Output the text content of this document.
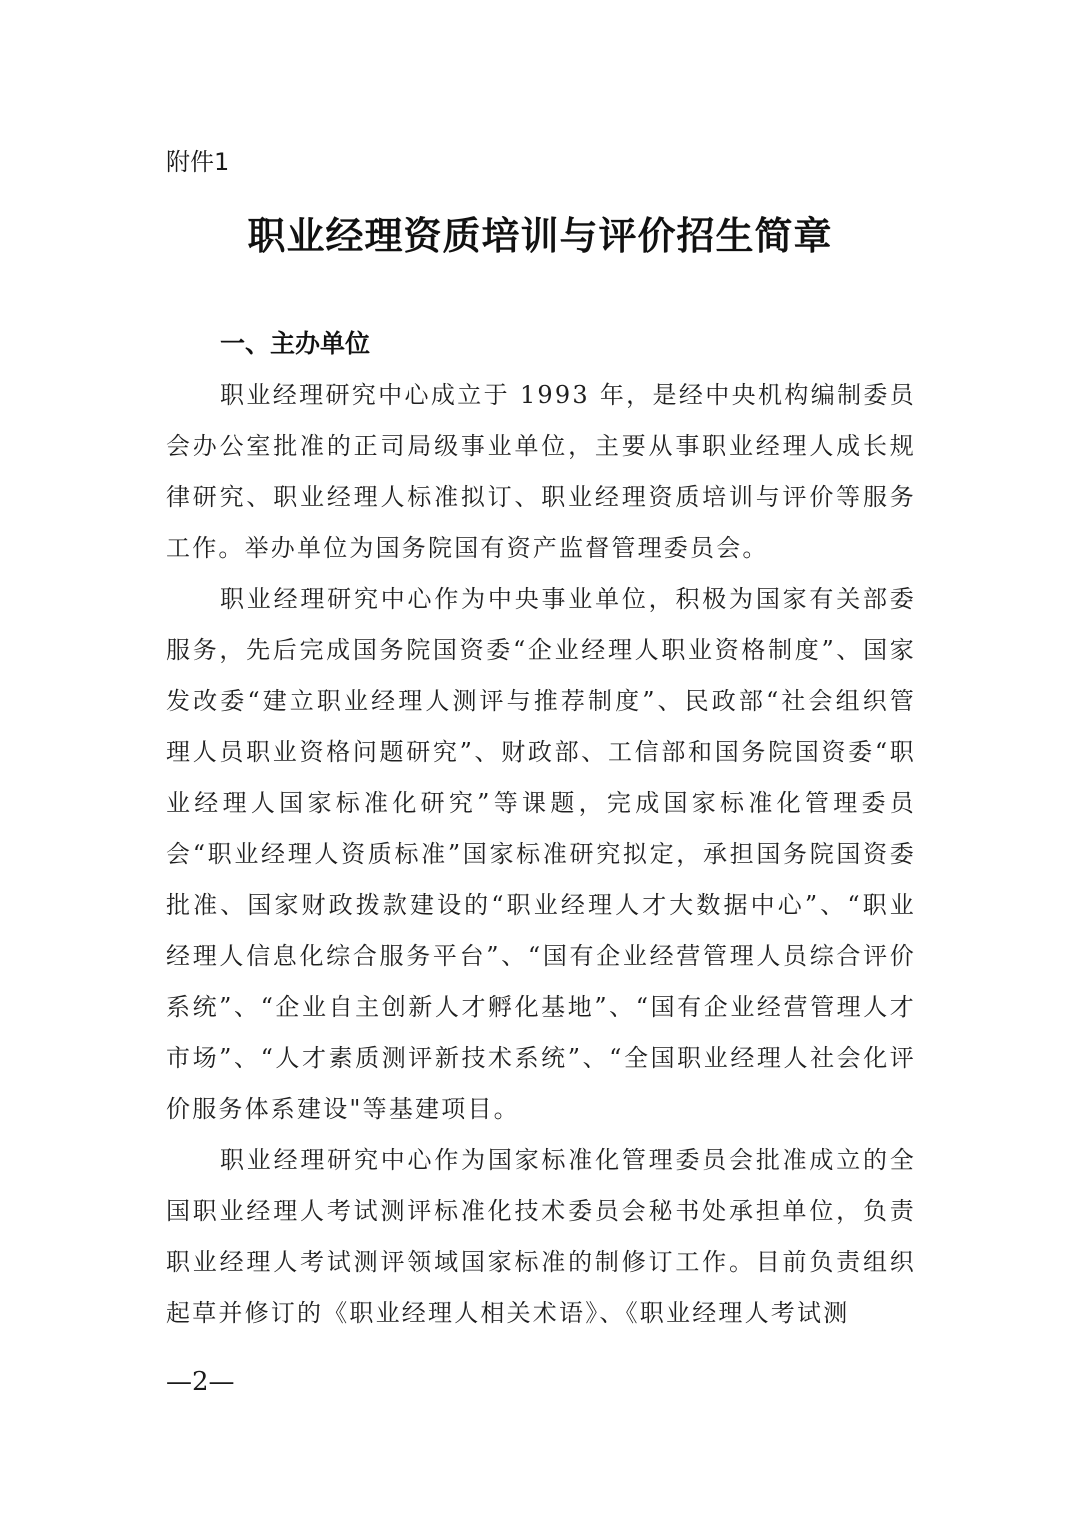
附件1
职业经理资质培训与评价招生简章
一、主办单位

职业经理研究中心成立于 1993 年，是经中央机构编制委员会办公室批准的正司局级事业单位，主要从事职业经理人成长规律研究、职业经理人标准拟订、职业经理资质培训与评价等服务工作。举办单位为国务院国有资产监督管理委员会。

职业经理研究中心作为中央事业单位，积极为国家有关部委服务，先后完成国务院国资委“企业经理人职业资格制度”、国家发改委“建立职业经理人测评与推荐制度”、民政部“社会组织管理人员职业资格问题研究”、财政部、工信部和国务院国资委“职业经理人国家标准化研究”等课题，完成国家标准化管理委员会“职业经理人资质标准”国家标准研究拟定，承担国务院国资委批准、国家财政拨款建设的“职业经理人才大数据中心”、“职业经理人信息化综合服务平台”、“国有企业经营管理人员综合评价系统”、“企业自主创新人才孵化基地”、“国有企业经营管理人才市场”、“人才素质测评新技术系统”、“全国职业经理人社会化评价服务体系建设"等基建项目。

职业经理研究中心作为国家标准化管理委员会批准成立的全国职业经理人考试测评标准化技术委员会秘书处承担单位，负责职业经理人考试测评领域国家标准的制修订工作。目前负责组织起草并修订的《职业经理人相关术语》、《职业经理人考试测

—2—
